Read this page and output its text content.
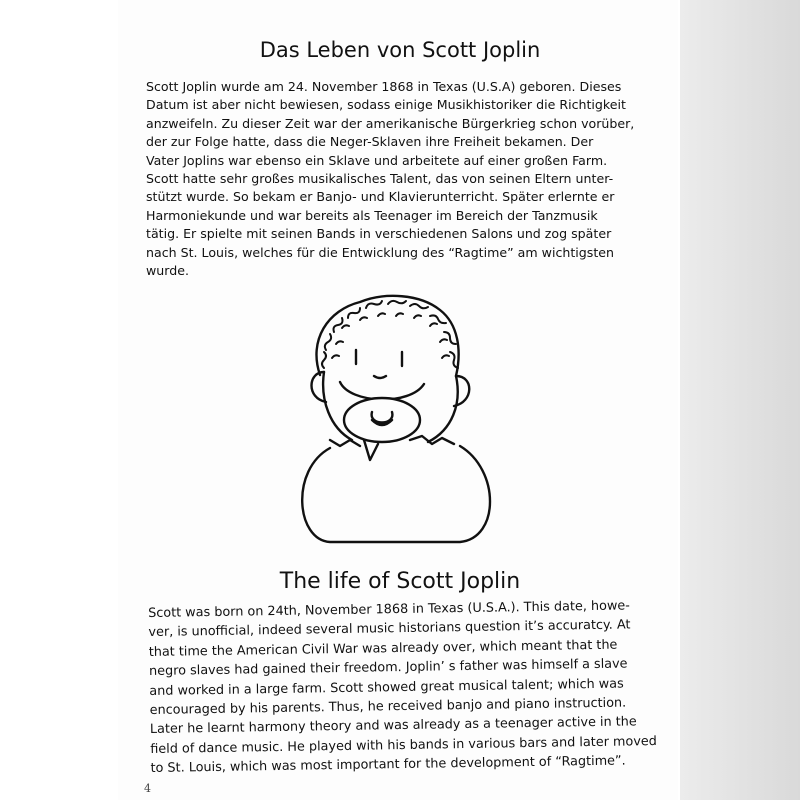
Das Leben von Scott Joplin
Scott Joplin wurde am 24. November 1868 in Texas (U.S.A) geboren. Dieses
Datum ist aber nicht bewiesen, sodass einige Musikhistoriker die Richtigkeit
anzweifeln. Zu dieser Zeit war der amerikanische Bürgerkrieg schon vorüber,
der zur Folge hatte, dass die Neger-Sklaven ihre Freiheit bekamen. Der
Vater Joplins war ebenso ein Sklave und arbeitete auf einer großen Farm.
Scott hatte sehr großes musikalisches Talent, das von seinen Eltern unter-
stützt wurde. So bekam er Banjo- und Klavierunterricht. Später erlernte er
Harmoniekunde und war bereits als Teenager im Bereich der Tanzmusik
tätig. Er spielte mit seinen Bands in verschiedenen Salons und zog später
nach St. Louis, welches für die Entwicklung des “Ragtime” am wichtigsten
wurde.
The life of Scott Joplin
Scott was born on 24th, November 1868 in Texas (U.S.A.). This date, howe-
ver, is unofficial, indeed several music historians question it’s accuratcy. At
that time the American Civil War was already over, which meant that the
negro slaves had gained their freedom. Joplin’ s father was himself a slave
and worked in a large farm. Scott showed great musical talent; which was
encouraged by his parents. Thus, he received banjo and piano instruction.
Later he learnt harmony theory and was already as a teenager active in the
field of dance music. He played with his bands in various bars and later moved
to St. Louis, which was most important for the development of “Ragtime”.
4
